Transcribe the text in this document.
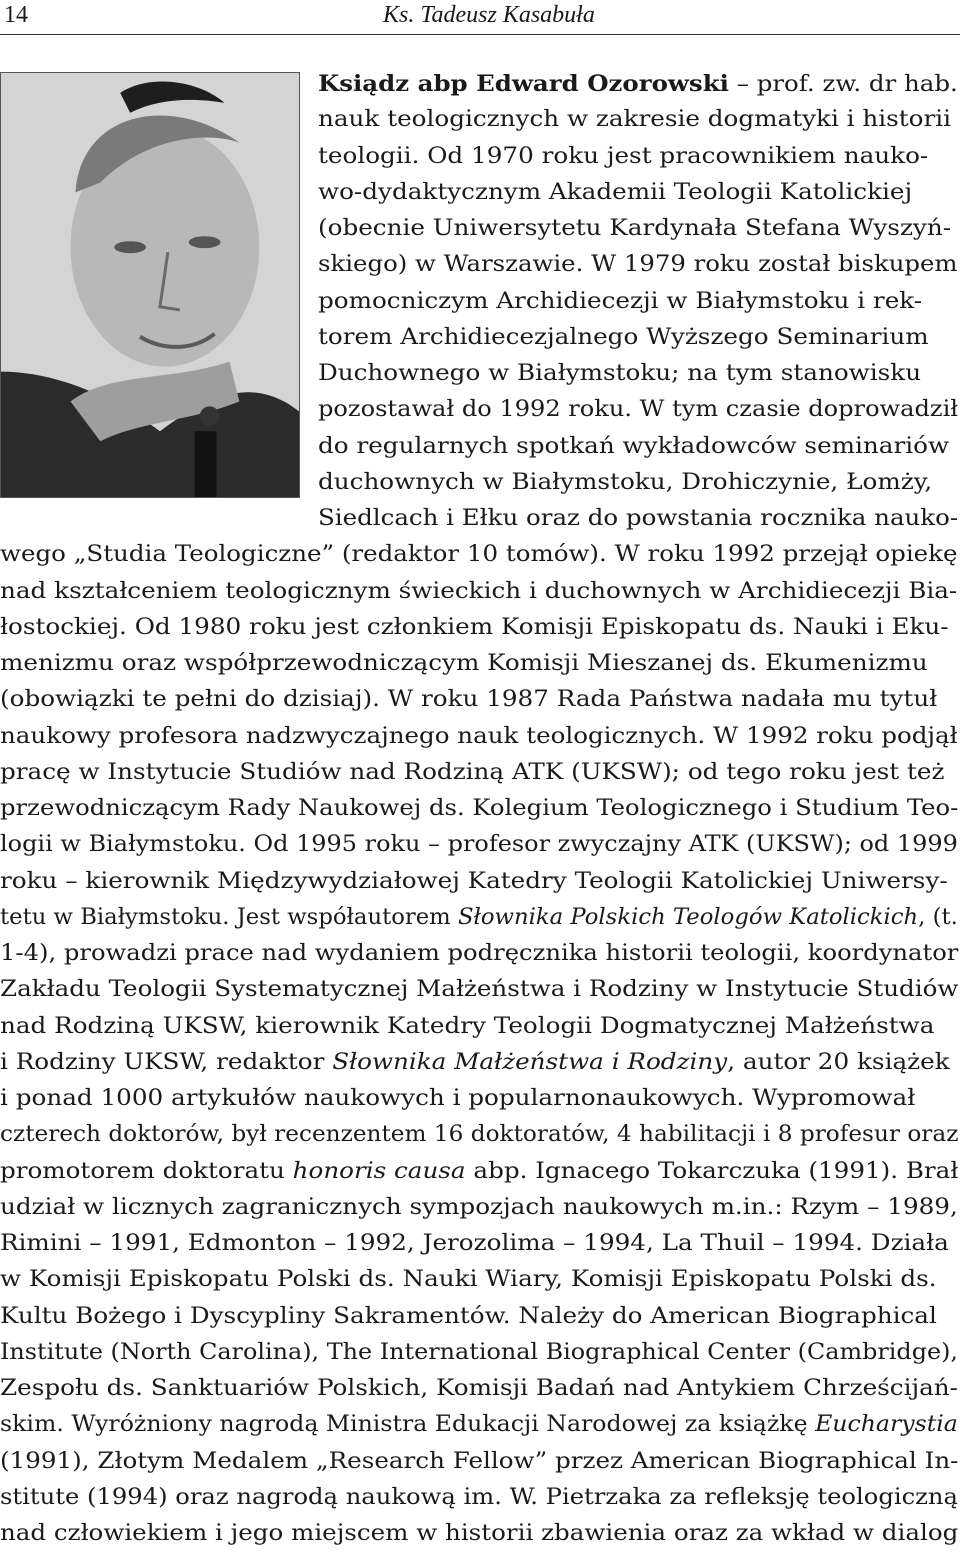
14	Ks. Tadeusz Kasabuła
Ksiądz abp Edward Ozorowski – prof. zw. dr hab.
nauk teologicznych w zakresie dogmatyki i historii
teologii. Od 1970 roku jest pracownikiem nauko-
wo-dydaktycznym Akademii Teologii Katolickiej
(obecnie Uniwersytetu Kardynała Stefana Wyszyń-
skiego) w Warszawie. W 1979 roku został biskupem
pomocniczym Archidiecezji w Białymstoku i rek-
torem Archidiecezjalnego Wyższego Seminarium
Duchownego w Białymstoku; na tym stanowisku
pozostawał do 1992 roku. W tym czasie doprowadził
do regularnych spotkań wykładowców seminariów
duchownych w Białymstoku, Drohiczynie, Łomży,
Siedlcach i Ełku oraz do powstania rocznika nauko-
wego „Studia Teologiczne” (redaktor 10 tomów). W roku 1992 przejął opiekę
nad kształceniem teologicznym świeckich i duchownych w Archidiecezji Bia-
łostockiej. Od 1980 roku jest członkiem Komisji Episkopatu ds. Nauki i Eku-
menizmu oraz współprzewodniczącym Komisji Mieszanej ds. Ekumenizmu
(obowiązki te pełni do dzisiaj). W roku 1987 Rada Państwa nadała mu tytuł
naukowy profesora nadzwyczajnego nauk teologicznych. W 1992 roku podjął
pracę w Instytucie Studiów nad Rodziną ATK (UKSW); od tego roku jest też
przewodniczącym Rady Naukowej ds. Kolegium Teologicznego i Studium Teo-
logii w Białymstoku. Od 1995 roku – profesor zwyczajny ATK (UKSW); od 1999
roku – kierownik Międzywydziałowej Katedry Teologii Katolickiej Uniwersy-
tetu w Białymstoku. Jest współautorem Słownika Polskich Teologów Katolickich, (t.
1-4), prowadzi prace nad wydaniem podręcznika historii teologii, koordynator
Zakładu Teologii Systematycznej Małżeństwa i Rodziny w Instytucie Studiów
nad Rodziną UKSW, kierownik Katedry Teologii Dogmatycznej Małżeństwa
i Rodziny UKSW, redaktor Słownika Małżeństwa i Rodziny, autor 20 książek
i ponad 1000 artykułów naukowych i popularnonaukowych. Wypromował
czterech doktorów, był recenzentem 16 doktoratów, 4 habilitacji i 8 profesur oraz
promotorem doktoratu honoris causa abp. Ignacego Tokarczuka (1991). Brał
udział w licznych zagranicznych sympozjach naukowych m.in.: Rzym – 1989,
Rimini – 1991, Edmonton – 1992, Jerozolima – 1994, La Thuil – 1994. Działa
w Komisji Episkopatu Polski ds. Nauki Wiary, Komisji Episkopatu Polski ds.
Kultu Bożego i Dyscypliny Sakramentów. Należy do American Biographical
Institute (North Carolina), The International Biographical Center (Cambridge),
Zespołu ds. Sanktuariów Polskich, Komisji Badań nad Antykiem Chrześcijań-
skim. Wyróżniony nagrodą Ministra Edukacji Narodowej za książkę Eucharystia
(1991), Złotym Medalem „Research Fellow” przez American Biographical In-
stitute (1994) oraz nagrodą naukową im. W. Pietrzaka za refleksję teologiczną
nad człowiekiem i jego miejscem w historii zbawienia oraz za wkład w dialog
